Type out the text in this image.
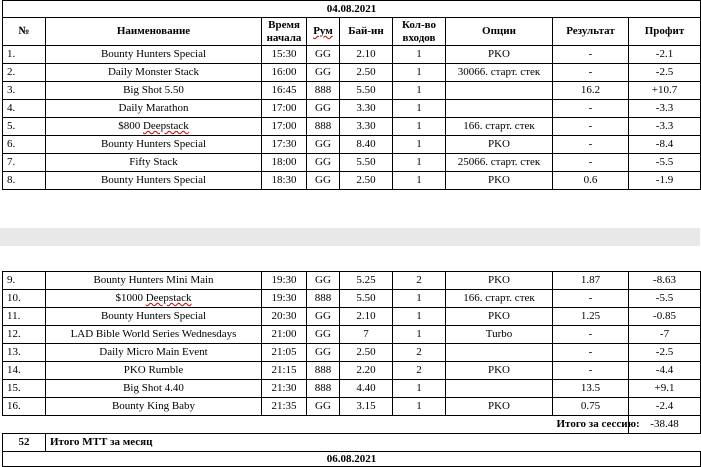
04.08.2021								
№	Наименование	Время начала	Рум	Бай-ин	Кол-во входов	Опции	Результат	Профит
1.	Bounty Hunters Special	15:30	GG	2.10	1	PKO	-	-2.1
2.	Daily Monster Stack	16:00	GG	2.50	1	30066. старт. стек	-	-2.5
3.	Big Shot 5.50	16:45	888	5.50	1		16.2	+10.7
4.	Daily Marathon	17:00	GG	3.30	1		-	-3.3
5.	$800 Deepstack	17:00	888	3.30	1	166. старт. стек	-	-3.3
6.	Bounty Hunters Special	17:30	GG	8.40	1	PKO	-	-8.4
7.	Fifty Stack	18:00	GG	5.50	1	25066. старт. стек	-	-5.5
8.	Bounty Hunters Special	18:30	GG	2.50	1	PKO	0.6	-1.9
9.	Bounty Hunters Mini Main	19:30	GG	5.25	2	PKO	1.87	-8.63
10.	$1000 Deepstack	19:30	888	5.50	1	166. старт. стек	-	-5.5
11.	Bounty Hunters Special	20:30	GG	2.10	1	PKO	1.25	-0.85
12.	LAD Bible World Series Wednesdays	21:00	GG	7	1	Turbo	-	-7
13.	Daily Micro Main Event	21:05	GG	2.50	2		-	-2.5
14.	PKO Rumble	21:15	888	2.20	2	PKO	-	-4.4
15.	Big Shot 4.40	21:30	888	4.40	1		13.5	+9.1
16.	Bounty King Baby	21:35	GG	3.15	1	PKO	0.75	-2.4
							Итого за сессию:	-38.48
52	Итого МТТ за месяц							
06.08.2021								
